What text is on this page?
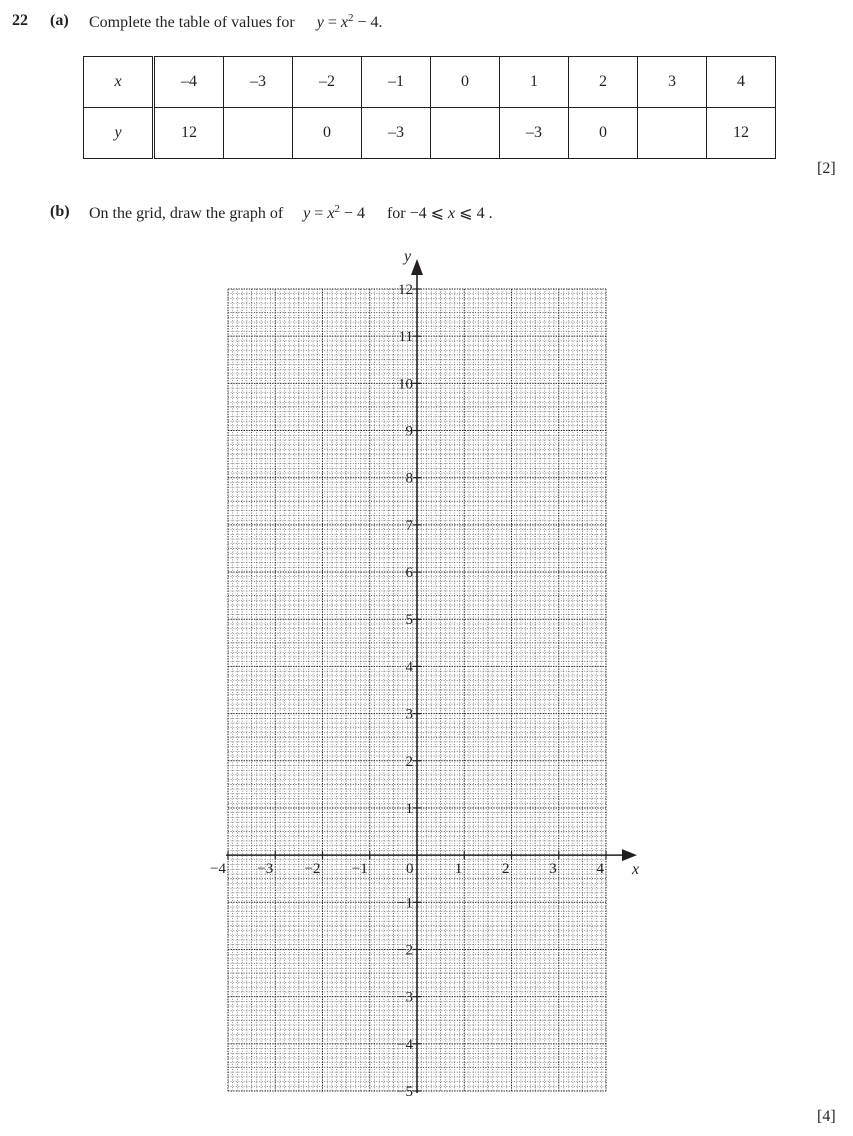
22 (a) Complete the table of values for $y = x^2 - 4$.
x	–4	–3	–2	–1	0	1	2	3	4
y	12		0	–3		–3	0		12
[2]
(b) On the grid, draw the graph of $y = x^2 - 4$ for −4 ⩽ x ⩽ 4 .
x
y
−4 −3 −2 −1	0	1	2	3	4
−5
−4
−3
−2
−1
1
2
3
4
5
6
7
8
9
10
11
12
[4]
